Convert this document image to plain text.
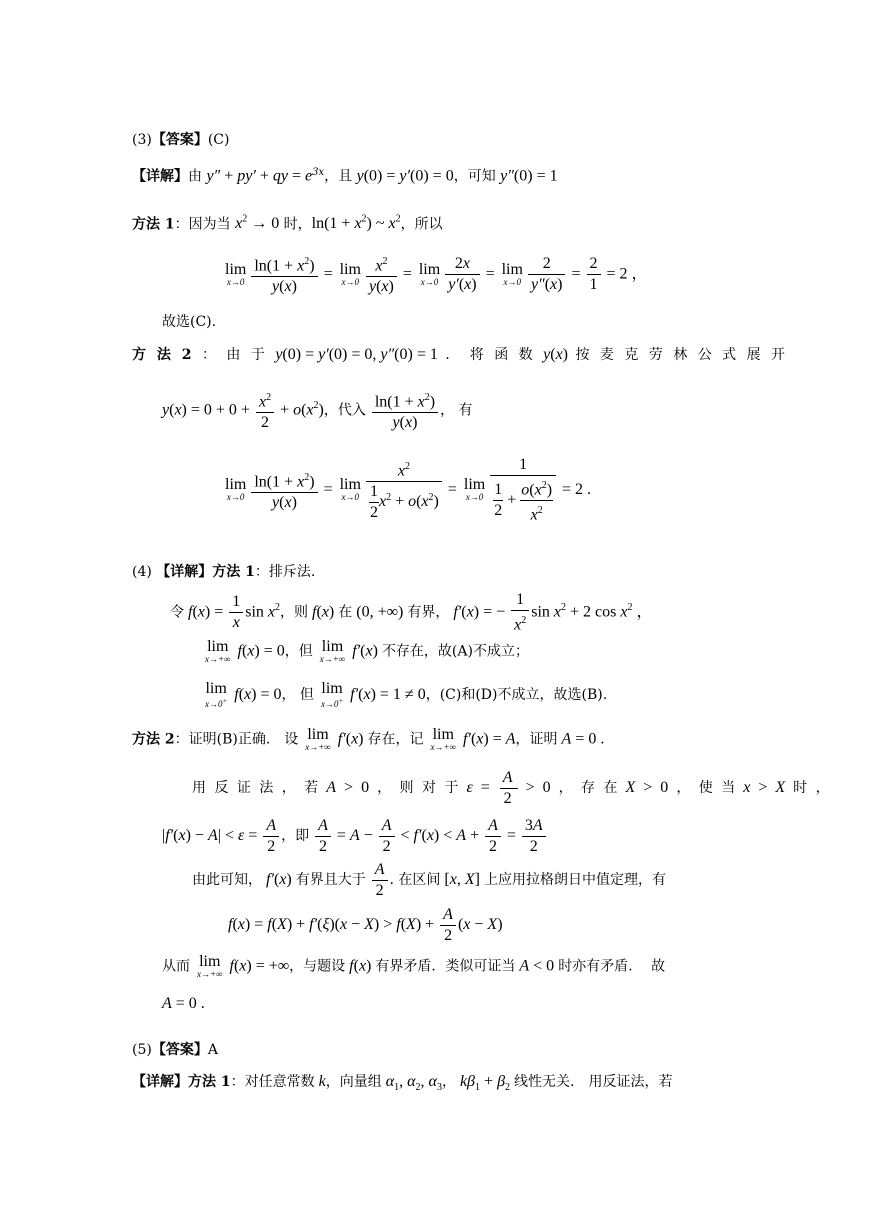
(3)【答案】(C)
【详解】由 y″ + py′ + qy = $e^{3x}$，且 y(0) = y′(0) = 0，可知 y″(0) = 1
方法 1：因为当 $x^2 \to 0$ 时，$\ln(1 + x^2)$ ~ $x^2$，所以
lim
$x\to 0 \frac{\ln(1 + x^2)}{y(x)} = \lim$
$x\to 0 \frac{x^2}{y(x)} = \lim$
$x\to 0 \frac{2x}{y'(x)} = \lim$
$x\to 0 \frac{2}{y''(x)} = \frac{2}{1} = 2$ ，
故选(C).
方 法 2 ： 由 于 y(0) = y′(0) = 0, y″(0) = 1 .　将 函 数 y(x) 按 麦 克 劳 林 公 式 展 开
$y(x) = 0 + 0 + \frac{x^2}{2} + o(x^2)$，代入 $\frac{\ln(1 + x^2)}{y(x)}$ ， 有
lim
$x\to 0 \frac{\ln(1 + x^2)}{y(x)} = \lim$
$x\to 0 \frac{x^2}{\frac{1}{2} x^2 + o(x^2)} = \lim$
$x\to 0 \frac{1}{\frac{1}{2} + \frac{o(x^2)}{x^2}} = 2$ .
(4) 【详解】方法 1：排斥法.
令 $f(x) = \frac{1}{x}$ $\sin x^2$，则 f(x) 在 (0, +∞) 有界， f′(x) = − $\frac{1}{x^2}$ $\sin x^2 + 2$ $\cos x^2$ ，
lim
x→+∞ f(x) = 0，但 lim
x→+∞ f′(x) 不存在，故(A)不成立；
lim
x→0+ f(x) = 0， 但 lim
x→0+ f′(x) = 1 ≠ 0，(C)和(D)不成立，故选(B).
方法 2：证明(B)正确.　设 lim
x→+∞ f′(x) 存在，记 lim
x→+∞ f′(x) = A，证明 A = 0 .
用 反 证 法 ， 若 A > 0 ， 则 对 于 $\varepsilon = \frac{A}{2} > 0$ ， 存 在 X > 0 ， 使 当 x > X 时 ，
$|f'(x) - A| < \varepsilon = \frac{A}{2}$ ，即 $\frac{A}{2} = A - \frac{A}{2} < f'(x) < A + \frac{A}{2} = \frac{3A}{2}$
由此可知， f′(x) 有界且大于 $\frac{A}{2}$ . 在区间 [x, X] 上应用拉格朗日中值定理，有
$f(x) = f(X) + f'(\xi)(x - X) > f(X) + \frac{A}{2} (x - X)$
从而 lim
x→+∞ f(x) = +∞，与题设 f(x) 有界矛盾．类似可证当 A < 0 时亦有矛盾.　 故
A = 0 .
(5)【答案】A
【详解】方法 1：对任意常数 k，向量组 $\alpha_1$, $\alpha_2$, $\alpha_3$， $k\beta_1 + \beta_2$ 线性无关.　用反证法，若
